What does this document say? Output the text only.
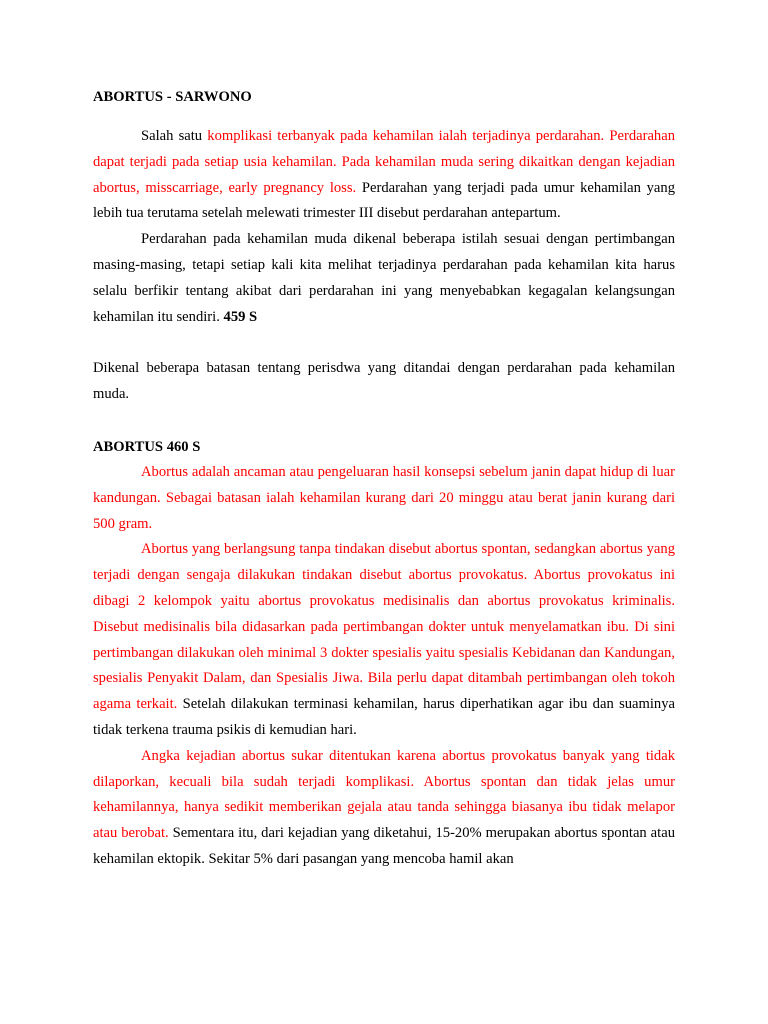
ABORTUS - SARWONO

Salah satu komplikasi terbanyak pada kehamilan ialah terjadinya perdarahan. Perdarahan dapat terjadi pada setiap usia kehamilan. Pada kehamilan muda sering dikaitkan dengan kejadian abortus, misscarriage, early pregnancy loss. Perdarahan yang terjadi pada umur kehamilan yang lebih tua terutama setelah melewati trimester III disebut perdarahan antepartum.

Perdarahan pada kehamilan muda dikenal beberapa istilah sesuai dengan pertimbangan masing-masing, tetapi setiap kali kita melihat terjadinya perdarahan pada kehamilan kita harus selalu berfikir tentang akibat dari perdarahan ini yang menyebabkan kegagalan kelangsungan kehamilan itu sendiri. 459 S

Dikenal beberapa batasan tentang perisdwa yang ditandai dengan perdarahan pada kehamilan muda.

ABORTUS 460 S

Abortus adalah ancaman atau pengeluaran hasil konsepsi sebelum janin dapat hidup di luar kandungan. Sebagai batasan ialah kehamilan kurang dari 20 minggu atau berat janin kurang dari 500 gram.

Abortus yang berlangsung tanpa tindakan disebut abortus spontan, sedangkan abortus yang terjadi dengan sengaja dilakukan tindakan disebut abortus provokatus. Abortus provokatus ini dibagi 2 kelompok yaitu abortus provokatus medisinalis dan abortus provokatus kriminalis. Disebut medisinalis bila didasarkan pada pertimbangan dokter untuk menyelamatkan ibu. Di sini pertimbangan dilakukan oleh minimal 3 dokter spesialis yaitu spesialis Kebidanan dan Kandungan, spesialis Penyakit Dalam, dan Spesialis Jiwa. Bila perlu dapat ditambah pertimbangan oleh tokoh agama terkait. Setelah dilakukan terminasi kehamilan, harus diperhatikan agar ibu dan suaminya tidak terkena trauma psikis di kemudian hari.

Angka kejadian abortus sukar ditentukan karena abortus provokatus banyak yang tidak dilaporkan, kecuali bila sudah terjadi komplikasi. Abortus spontan dan tidak jelas umur kehamilannya, hanya sedikit memberikan gejala atau tanda sehingga biasanya ibu tidak melapor atau berobat. Sementara itu, dari kejadian yang diketahui, 15-20% merupakan abortus spontan atau kehamilan ektopik. Sekitar 5% dari pasangan yang mencoba hamil akan
